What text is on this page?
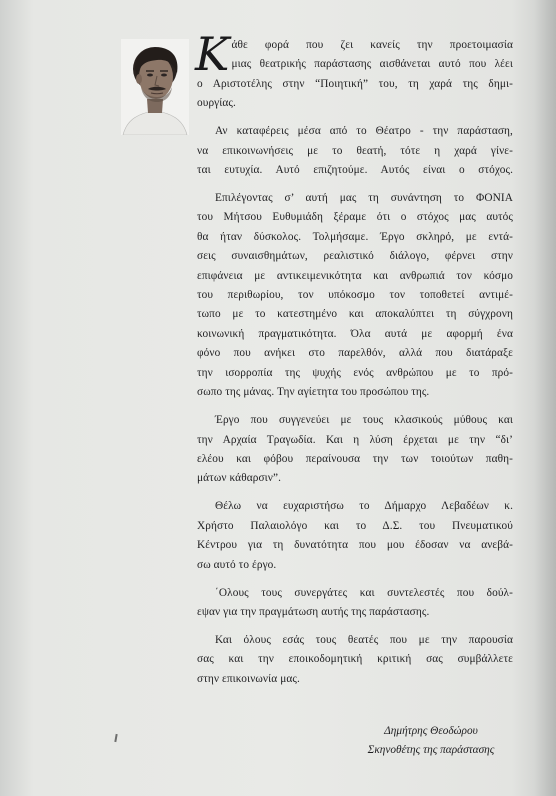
Κ άθε φορά που ζει κανείς την προετοιμασία
μιας θεατρικής παράστασης αισθάνεται αυτό που λέει
ο Αριστοτέλης στην “Ποιητική” του, τη χαρά της δημι-
ουργίας.
Αν καταφέρεις μέσα από το Θέατρο - την παράσταση,
να επικοινωνήσεις με το θεατή, τότε η χαρά γίνε-
ται ευτυχία. Αυτό επιζητούμε. Αυτός είναι ο στόχος.
Επιλέγοντας σ’ αυτή μας τη συνάντηση το ΦΟΝΙΑ
του Μήτσου Ευθυμιάδη ξέραμε ότι ο στόχος μας αυτός
θα ήταν δύσκολος. Τολμήσαμε. Έργο σκληρό, με εντά-
σεις συναισθημάτων, ρεαλιστικό διάλογο, φέρνει στην
επιφάνεια με αντικειμενικότητα και ανθρωπιά τον κόσμο
του περιθωρίου, τον υπόκοσμο τον τοποθετεί αντιμέ-
τωπο με το κατεστημένο και αποκαλύπτει τη σύγχρονη
κοινωνική πραγματικότητα. Όλα αυτά με αφορμή ένα
φόνο που ανήκει στο παρελθόν, αλλά που διατάραξε
την ισορροπία της ψυχής ενός ανθρώπου με το πρό-
σωπο της μάνας. Την αγίετητα του προσώπου της.
Έργο που συγγενεύει με τους κλασικούς μύθους και
την Αρχαία Τραγωδία. Και η λύση έρχεται με την “δι’
ελέου και φόβου περαίνουσα την των τοιούτων παθη-
μάτων κάθαρσιν”.
Θέλω να ευχαριστήσω το Δήμαρχο Λεβαδέων κ.
Χρήστο Παλαιολόγο και το Δ.Σ. του Πνευματικού
Κέντρου για τη δυνατότητα που μου έδοσαν να ανεβά-
σω αυτό το έργο.
΄Ολους τους συνεργάτες και συντελεστές που δούλ-
εψαν για την πραγμάτωση αυτής της παράστασης.
Και όλους εσάς τους θεατές που με την παρουσία
σας και την εποικοδομητική κριτική σας συμβάλλετε
στην επικοινωνία μας.
Δημήτρης Θεοδώρου
Σκηνοθέτης της παράστασης
